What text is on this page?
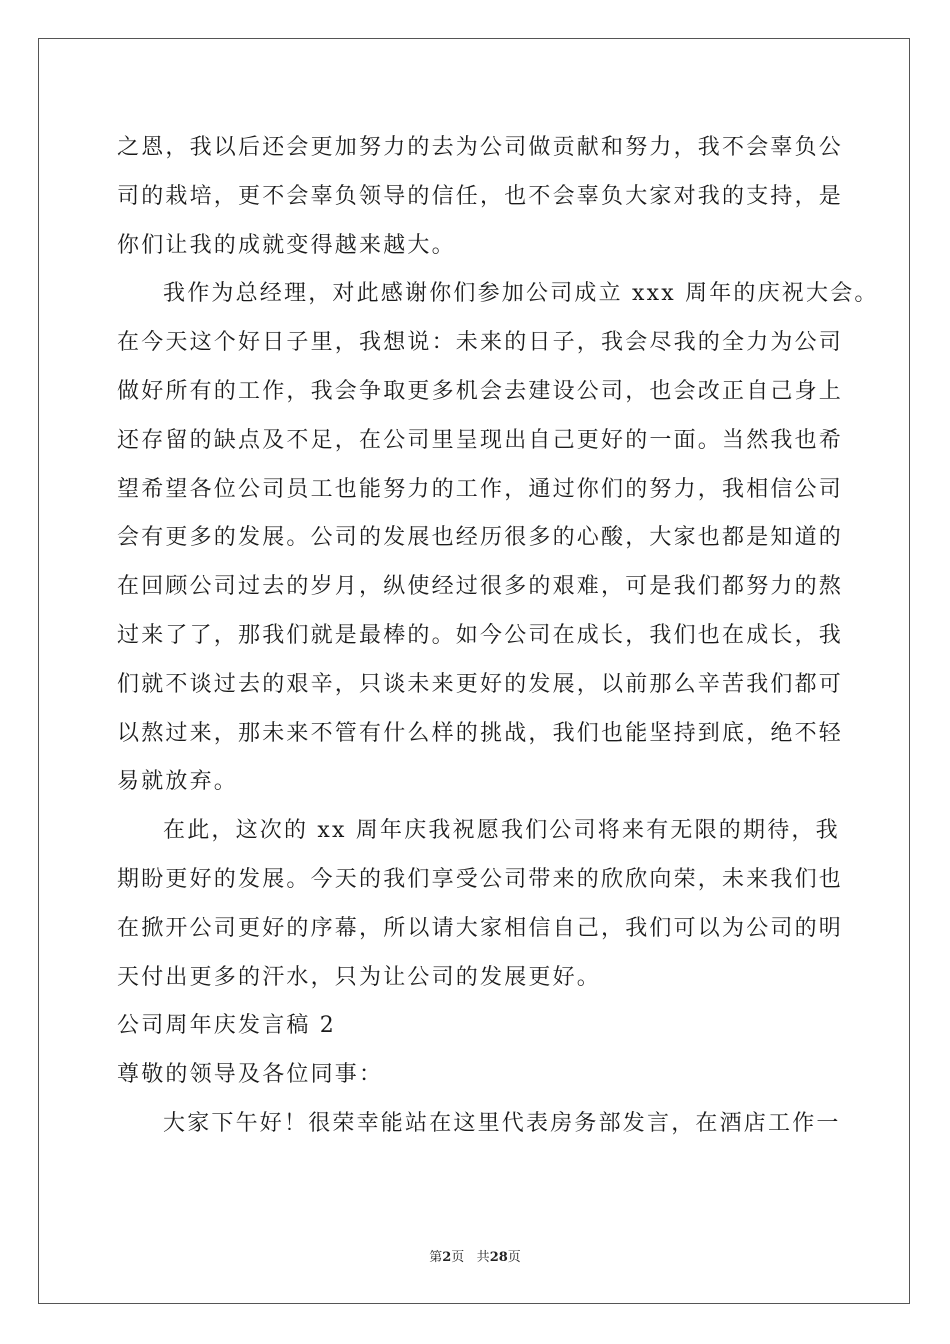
之恩，我以后还会更加努力的去为公司做贡献和努力，我不会辜负公
司的栽培，更不会辜负领导的信任，也不会辜负大家对我的支持，是
你们让我的成就变得越来越大。
我作为总经理，对此感谢你们参加公司成立 xxx 周年的庆祝大会。
在今天这个好日子里，我想说：未来的日子，我会尽我的全力为公司
做好所有的工作，我会争取更多机会去建设公司，也会改正自己身上
还存留的缺点及不足，在公司里呈现出自己更好的一面。当然我也希
望希望各位公司员工也能努力的工作，通过你们的努力，我相信公司
会有更多的发展。公司的发展也经历很多的心酸，大家也都是知道的
在回顾公司过去的岁月，纵使经过很多的艰难，可是我们都努力的熬
过来了了，那我们就是最棒的。如今公司在成长，我们也在成长，我
们就不谈过去的艰辛，只谈未来更好的发展，以前那么辛苦我们都可
以熬过来，那未来不管有什么样的挑战，我们也能坚持到底，绝不轻
易就放弃。
在此，这次的 xx 周年庆我祝愿我们公司将来有无限的期待，我
期盼更好的发展。今天的我们享受公司带来的欣欣向荣，未来我们也
在掀开公司更好的序幕，所以请大家相信自己，我们可以为公司的明
天付出更多的汗水，只为让公司的发展更好。
公司周年庆发言稿 2
尊敬的领导及各位同事：
大家下午好！很荣幸能站在这里代表房务部发言，在酒店工作一
第2页 共28页
